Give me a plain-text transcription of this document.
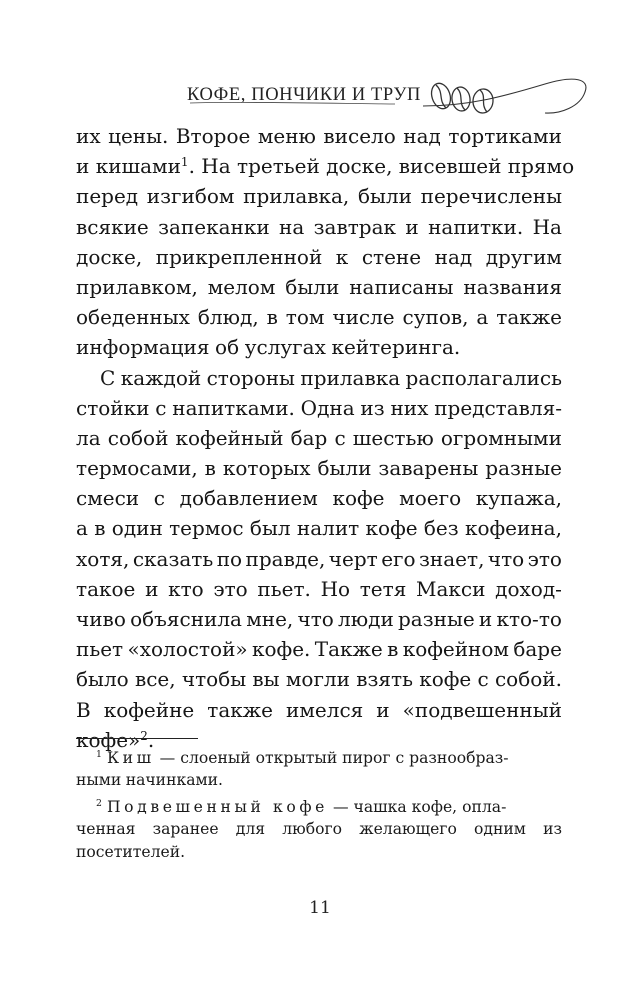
КОФЕ, ПОНЧИКИ И ТРУП
их цены. Второе меню висело над тортиками
и кишами$^1$. На третьей доске, висевшей прямо
перед изгибом прилавка, были перечислены
всякие запеканки на завтрак и напитки. На
доске, прикрепленной к стене над другим
прилавком, мелом были написаны названия
обеденных блюд, в том числе супов, а также
информация об услугах кейтеринга.
С каждой стороны прилавка располагались
стойки с напитками. Одна из них представля-
ла собой кофейный бар с шестью огромными
термосами, в которых были заварены разные
смеси с добавлением кофе моего купажа,
а в один термос был налит кофе без кофеина,
хотя, сказать по правде, черт его знает, что это
такое и кто это пьет. Но тетя Макси доход-
чиво объяснила мне, что люди разные и кто-то
пьет «холостой» кофе. Также в кофейном баре
было все, чтобы вы могли взять кофе с собой.
В кофейне также имелся и «подвешенный
кофе»$^2$.
$^1$ Киш — слоеный открытый пирог с разнообраз-
ными начинками.
$^2$ Подвешенный кофе — чашка кофе, опла-
ченная заранее для любого желающего одним из
посетителей.
11
